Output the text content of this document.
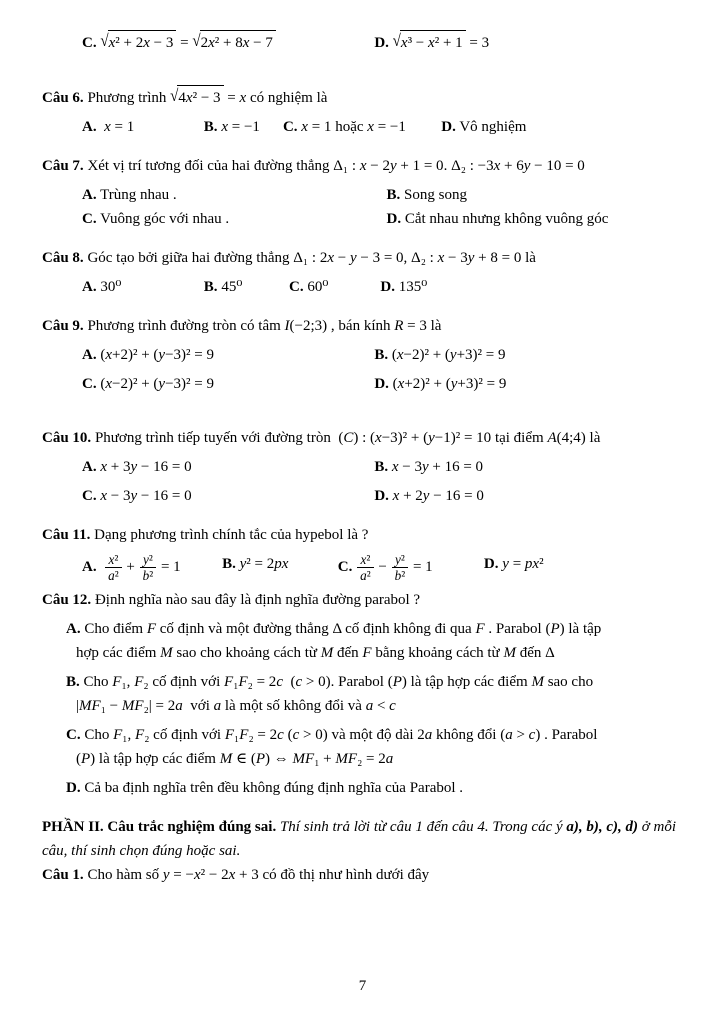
C. √x² + 2x − 3 = √2x² + 8x − 7	D. √x³ − x² + 1 = 3
Câu 6. Phương trình √4x² − 3 = x có nghiệm là
A. x = 1	B. x = −1	C. x = 1 hoặc x = −1	D. Vô nghiệm
Câu 7. Xét vị trí tương đối của hai đường thẳng Δ₁ : x − 2y + 1 = 0. Δ₂ : −3x + 6y − 10 = 0
A. Trùng nhau .	B. Song song
C. Vuông góc với nhau .	D. Cắt nhau nhưng không vuông góc
Câu 8. Góc tạo bởi giữa hai đường thẳng Δ₁ : 2x − y − 3 = 0, Δ₂ : x − 3y + 8 = 0 là
A. 30⁰	B. 45⁰	C. 60⁰	D. 135⁰
Câu 9. Phương trình đường tròn có tâm I(−2;3) , bán kính R = 3 là
A. (x+2)² + (y−3)² = 9	B. (x−2)² + (y+3)² = 9
C. (x−2)² + (y−3)² = 9	D. (x+2)² + (y+3)² = 9
Câu 10. Phương trình tiếp tuyến với đường tròn  (C) : (x−3)² + (y−1)² = 10 tại điểm A(4;4) là
A. x + 3y − 16 = 0	B. x − 3y + 16 = 0
C. x − 3y − 16 = 0	D. x + 2y − 16 = 0
Câu 11. Dạng phương trình chính tắc của hypebol là ?
A. $\frac{\text{x²}}{\text{a²}} + \frac{\text{y²}}{\text{b²}} = 1$	B. y² = 2px	C. $\frac{\text{x²}}{\text{a²}} - \frac{\text{y²}}{\text{b²}} = 1$	D. y = px²
Câu 12. Định nghĩa nào sau đây là định nghĩa đường parabol ?
A. Cho điểm F cố định và một đường thẳng Δ cố định không đi qua F . Parabol (P) là tập
hợp các điểm M sao cho khoảng cách từ M đến F bằng khoảng cách từ M đến Δ
B. Cho F₁, F₂ cố định với F₁F₂ = 2c  (c > 0). Parabol (P) là tập hợp các điểm M sao cho
|MF₁ − MF₂| = 2a  với a là một số không đổi và a < c
C. Cho F₁, F₂ cố định với F₁F₂ = 2c (c > 0) và một độ dài 2a không đổi (a > c) . Parabol
(P) là tập hợp các điểm M ∈ (P) ⇔ MF₁ + MF₂ = 2a
D. Cả ba định nghĩa trên đều không đúng định nghĩa của Parabol .
PHẦN II. Câu trắc nghiệm đúng sai. Thí sinh trả lời từ câu 1 đến câu 4. Trong các ý a), b), c), d) ở mỗi câu, thí sinh chọn đúng hoặc sai.
Câu 1. Cho hàm số y = −x² − 2x + 3 có đồ thị như hình dưới đây
7
